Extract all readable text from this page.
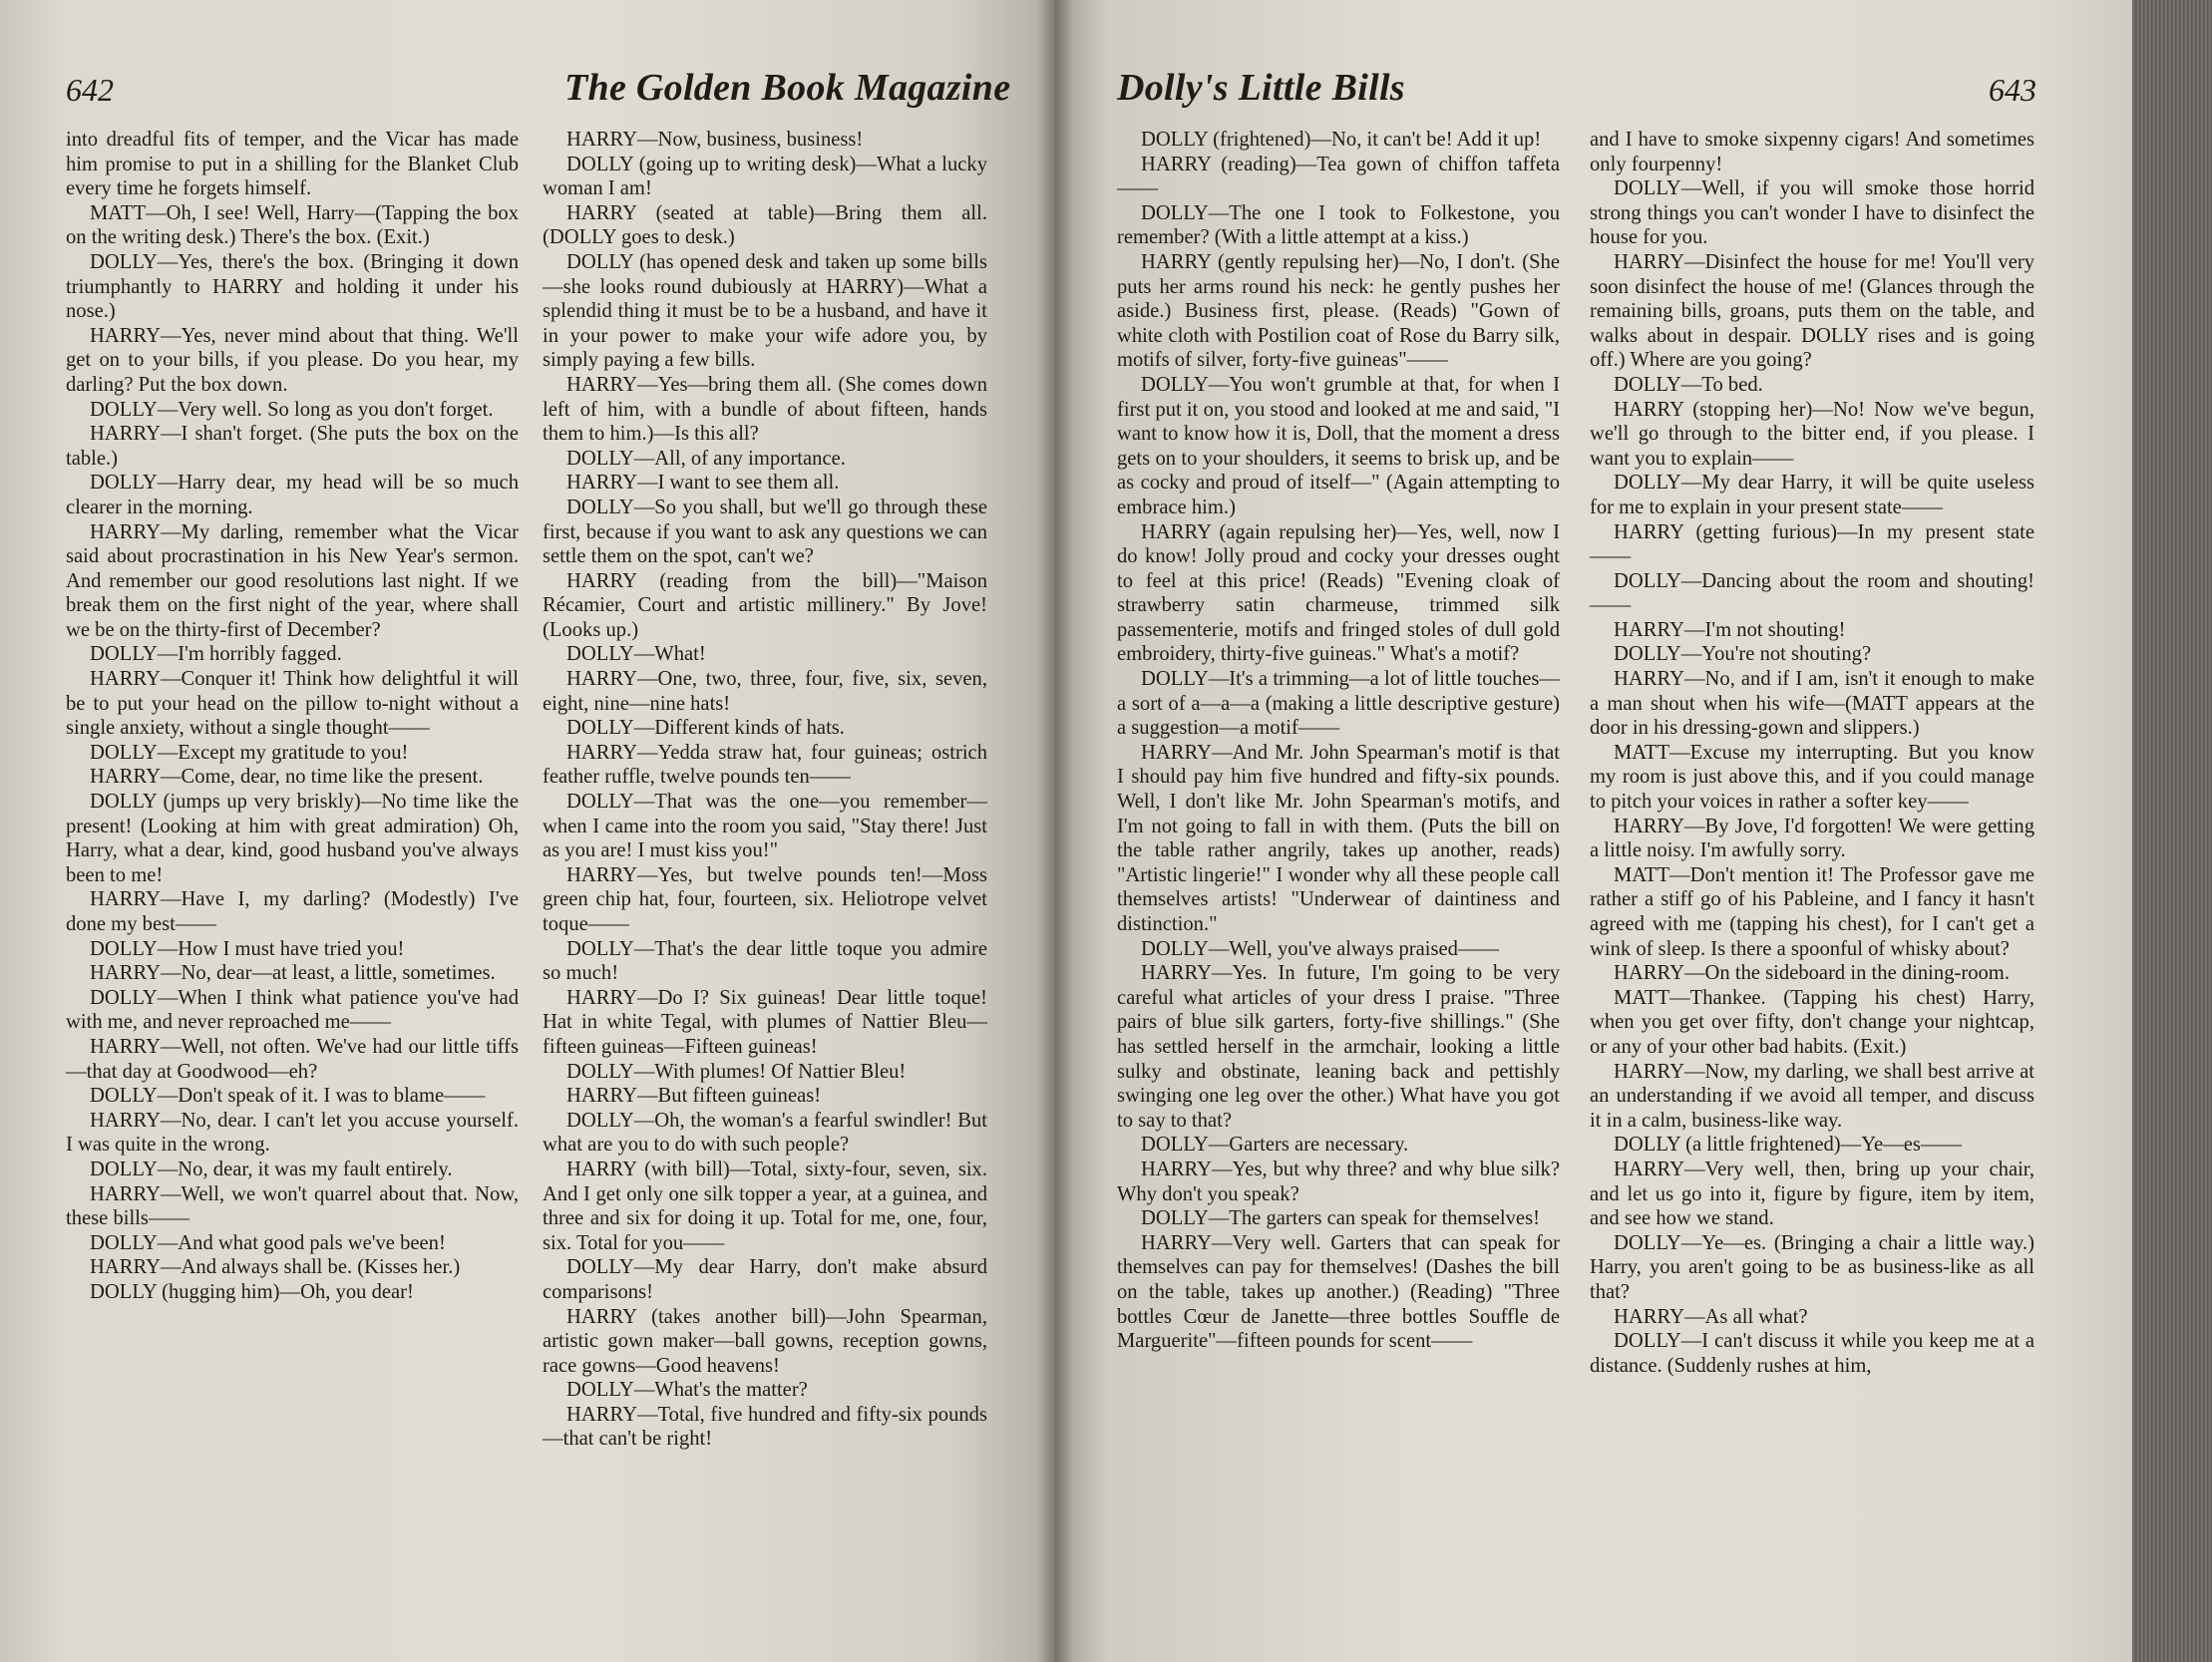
642	The Golden Book Magazine

into dreadful fits of temper, and the Vicar has made him promise to put in a shilling for the Blanket Club every time he forgets himself.

MATT—Oh, I see! Well, Harry—(Tapping the box on the writing desk.) There's the box. (Exit.)

DOLLY—Yes, there's the box. (Bringing it down triumphantly to HARRY and holding it under his nose.)

HARRY—Yes, never mind about that thing. We'll get on to your bills, if you please. Do you hear, my darling? Put the box down.

DOLLY—Very well. So long as you don't forget.

HARRY—I shan't forget. (She puts the box on the table.)

DOLLY—Harry dear, my head will be so much clearer in the morning.

HARRY—My darling, remember what the Vicar said about procrastination in his New Year's sermon. And remember our good resolutions last night. If we break them on the first night of the year, where shall we be on the thirty-first of December?

DOLLY—I'm horribly fagged.

HARRY—Conquer it! Think how delightful it will be to put your head on the pillow to-night without a single anxiety, without a single thought——

DOLLY—Except my gratitude to you!

HARRY—Come, dear, no time like the present.

DOLLY (jumps up very briskly)—No time like the present! (Looking at him with great admiration) Oh, Harry, what a dear, kind, good husband you've always been to me!

HARRY—Have I, my darling? (Modestly) I've done my best——

DOLLY—How I must have tried you!

HARRY—No, dear—at least, a little, sometimes.

DOLLY—When I think what patience you've had with me, and never reproached me——

HARRY—Well, not often. We've had our little tiffs—that day at Goodwood—eh?

DOLLY—Don't speak of it. I was to blame——

HARRY—No, dear. I can't let you accuse yourself. I was quite in the wrong.

DOLLY—No, dear, it was my fault entirely.

HARRY—Well, we won't quarrel about that. Now, these bills——

DOLLY—And what good pals we've been!

HARRY—And always shall be. (Kisses her.)

DOLLY (hugging him)—Oh, you dear!

HARRY—Now, business, business!

DOLLY (going up to writing desk)—What a lucky woman I am!

HARRY (seated at table)—Bring them all. (DOLLY goes to desk.)

DOLLY (has opened desk and taken up some bills—she looks round dubiously at HARRY)—What a splendid thing it must be to be a husband, and have it in your power to make your wife adore you, by simply paying a few bills.

HARRY—Yes—bring them all. (She comes down left of him, with a bundle of about fifteen, hands them to him.)—Is this all?

DOLLY—All, of any importance.

HARRY—I want to see them all.

DOLLY—So you shall, but we'll go through these first, because if you want to ask any questions we can settle them on the spot, can't we?

HARRY (reading from the bill)—"Maison Récamier, Court and artistic millinery." By Jove! (Looks up.)

DOLLY—What!

HARRY—One, two, three, four, five, six, seven, eight, nine—nine hats!

DOLLY—Different kinds of hats.

HARRY—Yedda straw hat, four guineas; ostrich feather ruffle, twelve pounds ten——

DOLLY—That was the one—you remember—when I came into the room you said, "Stay there! Just as you are! I must kiss you!"

HARRY—Yes, but twelve pounds ten!—Moss green chip hat, four, fourteen, six. Heliotrope velvet toque——

DOLLY—That's the dear little toque you admire so much!

HARRY—Do I? Six guineas! Dear little toque! Hat in white Tegal, with plumes of Nattier Bleu—fifteen guineas—Fifteen guineas!

DOLLY—With plumes! Of Nattier Bleu!

HARRY—But fifteen guineas!

DOLLY—Oh, the woman's a fearful swindler! But what are you to do with such people?

HARRY (with bill)—Total, sixty-four, seven, six. And I get only one silk topper a year, at a guinea, and three and six for doing it up. Total for me, one, four, six. Total for you——

DOLLY—My dear Harry, don't make absurd comparisons!

HARRY (takes another bill)—John Spearman, artistic gown maker—ball gowns, reception gowns, race gowns—Good heavens!

DOLLY—What's the matter?

HARRY—Total, five hundred and fifty-six pounds—that can't be right!

Dolly's Little Bills	643

DOLLY (frightened)—No, it can't be! Add it up!

HARRY (reading)—Tea gown of chiffon taffeta——

DOLLY—The one I took to Folkestone, you remember? (With a little attempt at a kiss.)

HARRY (gently repulsing her)—No, I don't. (She puts her arms round his neck: he gently pushes her aside.) Business first, please. (Reads) "Gown of white cloth with Postilion coat of Rose du Barry silk, motifs of silver, forty-five guineas"——

DOLLY—You won't grumble at that, for when I first put it on, you stood and looked at me and said, "I want to know how it is, Doll, that the moment a dress gets on to your shoulders, it seems to brisk up, and be as cocky and proud of itself—" (Again attempting to embrace him.)

HARRY (again repulsing her)—Yes, well, now I do know! Jolly proud and cocky your dresses ought to feel at this price! (Reads) "Evening cloak of strawberry satin charmeuse, trimmed silk passementerie, motifs and fringed stoles of dull gold embroidery, thirty-five guineas." What's a motif?

DOLLY—It's a trimming—a lot of little touches—a sort of a—a—a (making a little descriptive gesture) a suggestion—a motif——

HARRY—And Mr. John Spearman's motif is that I should pay him five hundred and fifty-six pounds. Well, I don't like Mr. John Spearman's motifs, and I'm not going to fall in with them. (Puts the bill on the table rather angrily, takes up another, reads) "Artistic lingerie!" I wonder why all these people call themselves artists! "Underwear of daintiness and distinction."

DOLLY—Well, you've always praised——

HARRY—Yes. In future, I'm going to be very careful what articles of your dress I praise. "Three pairs of blue silk garters, forty-five shillings." (She has settled herself in the armchair, looking a little sulky and obstinate, leaning back and pettishly swinging one leg over the other.) What have you got to say to that?

DOLLY—Garters are necessary.

HARRY—Yes, but why three? and why blue silk? Why don't you speak?

DOLLY—The garters can speak for themselves!

HARRY—Very well. Garters that can speak for themselves can pay for themselves! (Dashes the bill on the table, takes up another.) (Reading) "Three bottles Cœur de Janette—three bottles Souffle de Marguerite"—fifteen pounds for scent——

and I have to smoke sixpenny cigars! And sometimes only fourpenny!

DOLLY—Well, if you will smoke those horrid strong things you can't wonder I have to disinfect the house for you.

HARRY—Disinfect the house for me! You'll very soon disinfect the house of me! (Glances through the remaining bills, groans, puts them on the table, and walks about in despair. DOLLY rises and is going off.) Where are you going?

DOLLY—To bed.

HARRY (stopping her)—No! Now we've begun, we'll go through to the bitter end, if you please. I want you to explain——

DOLLY—My dear Harry, it will be quite useless for me to explain in your present state——

HARRY (getting furious)—In my present state——

DOLLY—Dancing about the room and shouting!——

HARRY—I'm not shouting!

DOLLY—You're not shouting?

HARRY—No, and if I am, isn't it enough to make a man shout when his wife—(MATT appears at the door in his dressing-gown and slippers.)

MATT—Excuse my interrupting. But you know my room is just above this, and if you could manage to pitch your voices in rather a softer key——

HARRY—By Jove, I'd forgotten! We were getting a little noisy. I'm awfully sorry.

MATT—Don't mention it! The Professor gave me rather a stiff go of his Pableine, and I fancy it hasn't agreed with me (tapping his chest), for I can't get a wink of sleep. Is there a spoonful of whisky about?

HARRY—On the sideboard in the dining-room.

MATT—Thankee. (Tapping his chest) Harry, when you get over fifty, don't change your nightcap, or any of your other bad habits. (Exit.)

HARRY—Now, my darling, we shall best arrive at an understanding if we avoid all temper, and discuss it in a calm, business-like way.

DOLLY (a little frightened)—Ye—es——

HARRY—Very well, then, bring up your chair, and let us go into it, figure by figure, item by item, and see how we stand.

DOLLY—Ye—es. (Bringing a chair a little way.) Harry, you aren't going to be as business-like as all that?

HARRY—As all what?

DOLLY—I can't discuss it while you keep me at a distance. (Suddenly rushes at him,
